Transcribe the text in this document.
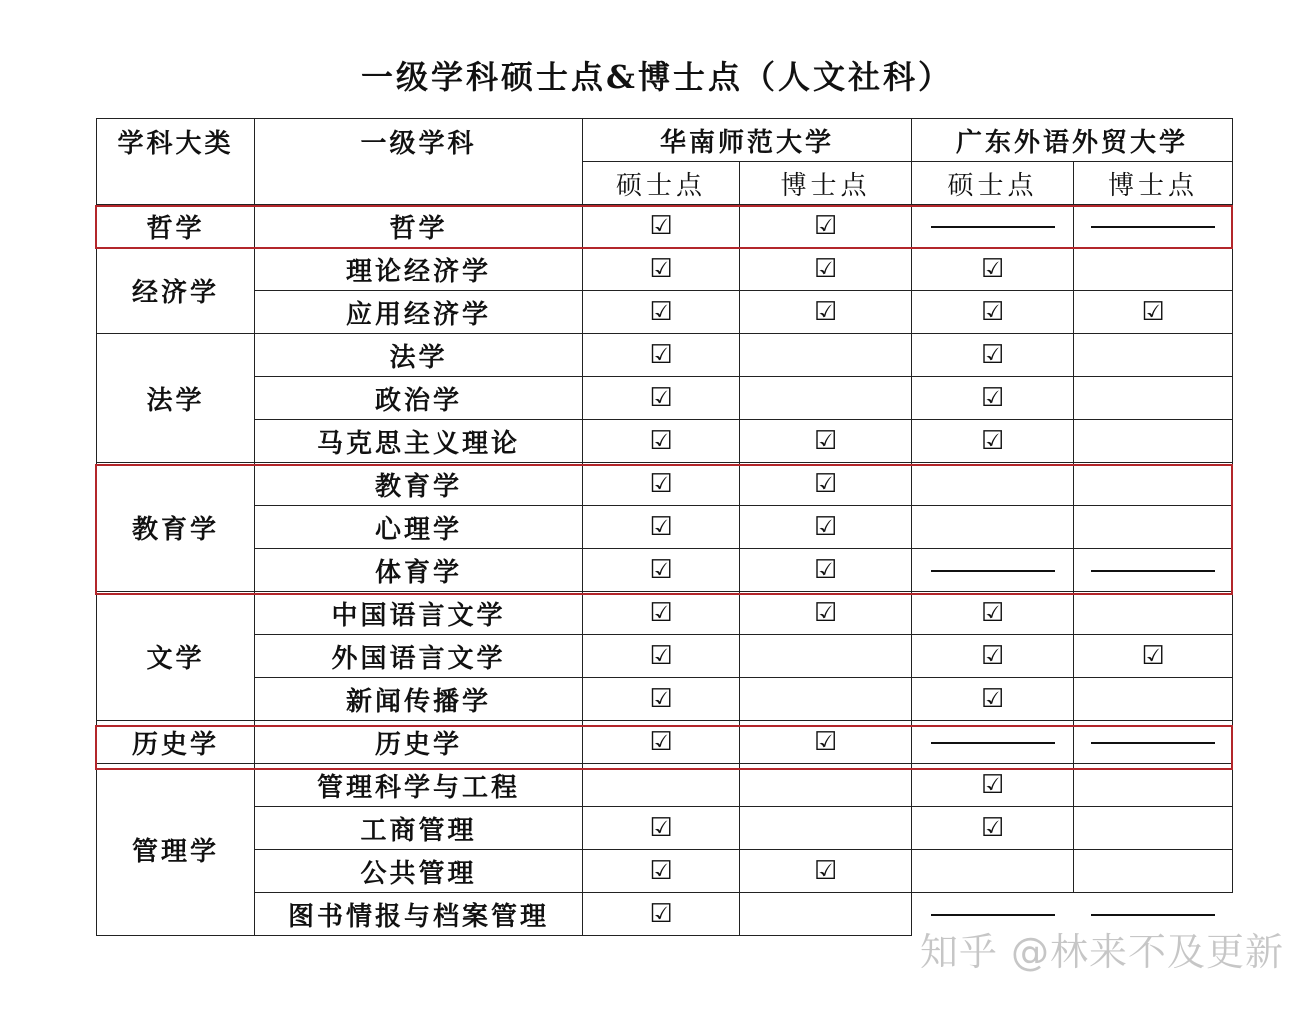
一级学科硕士点&博士点（人文社科）
学科大类	一级学科	华南师范大学		广东外语外贸大学	
		硕士点	博士点	硕士点	博士点
哲学	哲学	☑	☑		
经济学	理论经济学	☑	☑	☑	
	应用经济学	☑	☑	☑	☑
法学	法学	☑		☑	
	政治学	☑		☑	
	马克思主义理论	☑	☑	☑	
教育学	教育学	☑	☑		
	心理学	☑	☑		
	体育学	☑	☑		
文学	中国语言文学	☑	☑	☑	
	外国语言文学	☑		☑	☑
	新闻传播学	☑		☑	
历史学	历史学	☑	☑		
管理学	管理科学与工程			☑	
	工商管理	☑		☑	
	公共管理	☑	☑		
	图书情报与档案管理	☑			
知乎 @林来不及更新
